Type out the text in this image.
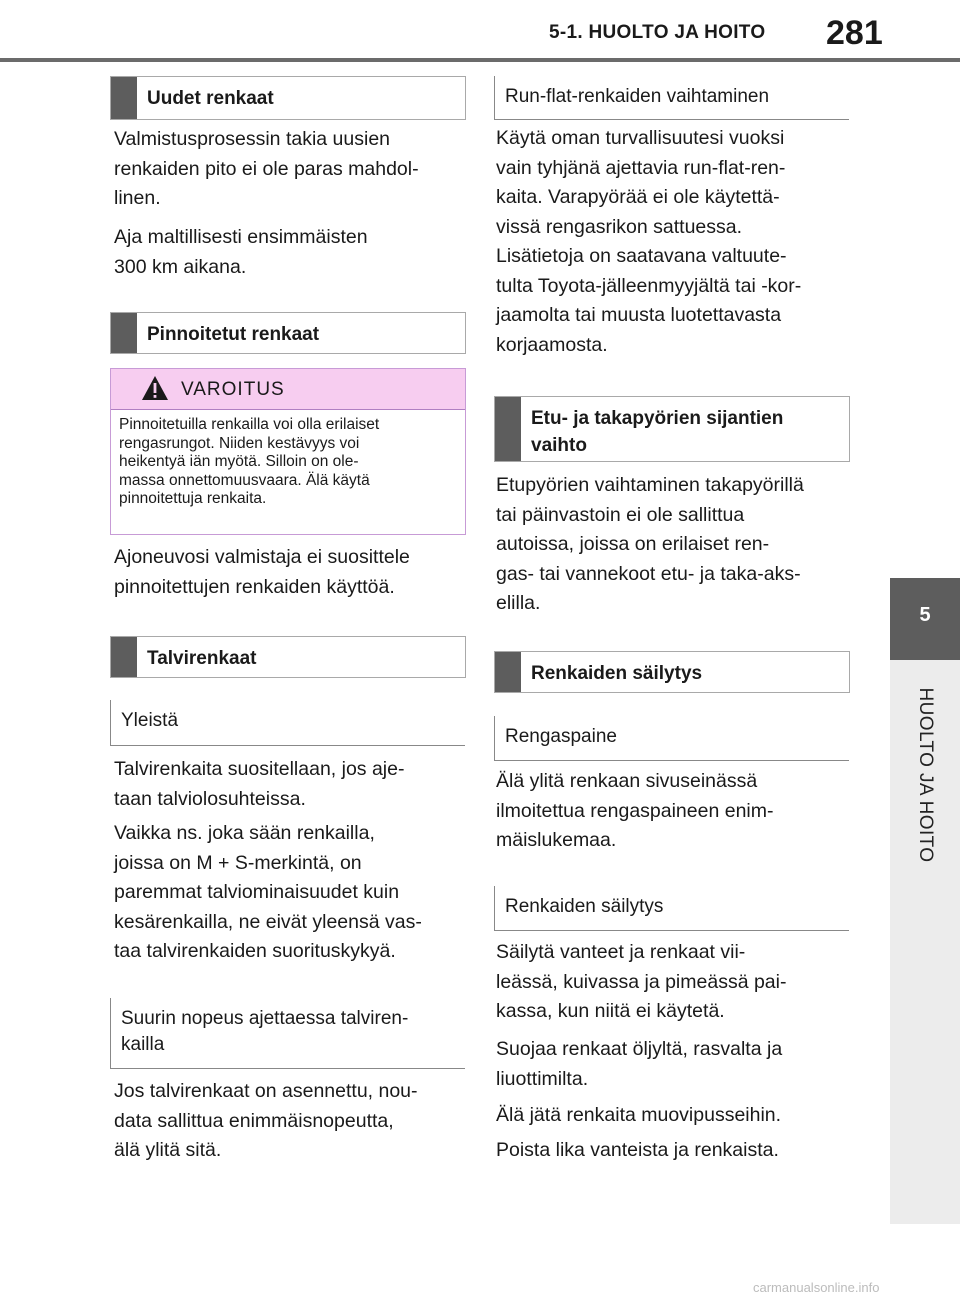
5-1. HUOLTO JA HOITO 281
5
HUOLTO JA HOITO
Uudet renkaat
Valmistusprosessin takia uusien
renkaiden pito ei ole paras mahdol-
linen.
Aja maltillisesti ensimmäisten
300 km aikana.
Pinnoitetut renkaat
VAROITUS
Pinnoitetuilla renkailla voi olla erilaiset
rengasrungot. Niiden kestävyys voi
heikentyä iän myötä. Silloin on ole-
massa onnettomuusvaara. Älä käytä
pinnoitettuja renkaita.
Ajoneuvosi valmistaja ei suosittele
pinnoitettujen renkaiden käyttöä.
Talvirenkaat
Yleistä
Talvirenkaita suositellaan, jos aje-
taan talviolosuhteissa.
Vaikka ns. joka sään renkailla,
joissa on M + S-merkintä, on
paremmat talviominaisuudet kuin
kesärenkailla, ne eivät yleensä vas-
taa talvirenkaiden suorituskykyä.
Suurin nopeus ajettaessa talviren-
kailla
Jos talvirenkaat on asennettu, nou-
data sallittua enimmäisnopeutta,
älä ylitä sitä.
Run-flat-renkaiden vaihtaminen
Käytä oman turvallisuutesi vuoksi
vain tyhjänä ajettavia run-flat-ren-
kaita. Varapyörää ei ole käytettä-
vissä rengasrikon sattuessa.
Lisätietoja on saatavana valtuute-
tulta Toyota-jälleenmyyjältä tai -kor-
jaamolta tai muusta luotettavasta
korjaamosta.
Etu- ja takapyörien sijantien
vaihto
Etupyörien vaihtaminen takapyörillä
tai päinvastoin ei ole sallittua
autoissa, joissa on erilaiset ren-
gas- tai vannekoot etu- ja taka-aks-
elilla.
Renkaiden säilytys
Rengaspaine
Älä ylitä renkaan sivuseinässä
ilmoitettua rengaspaineen enim-
mäislukemaa.
Renkaiden säilytys
Säilytä vanteet ja renkaat vii-
leässä, kuivassa ja pimeässä pai-
kassa, kun niitä ei käytetä.
Suojaa renkaat öljyltä, rasvalta ja
liuottimilta.
Älä jätä renkaita muovipusseihin.
Poista lika vanteista ja renkaista.
carmanualsonline.info
